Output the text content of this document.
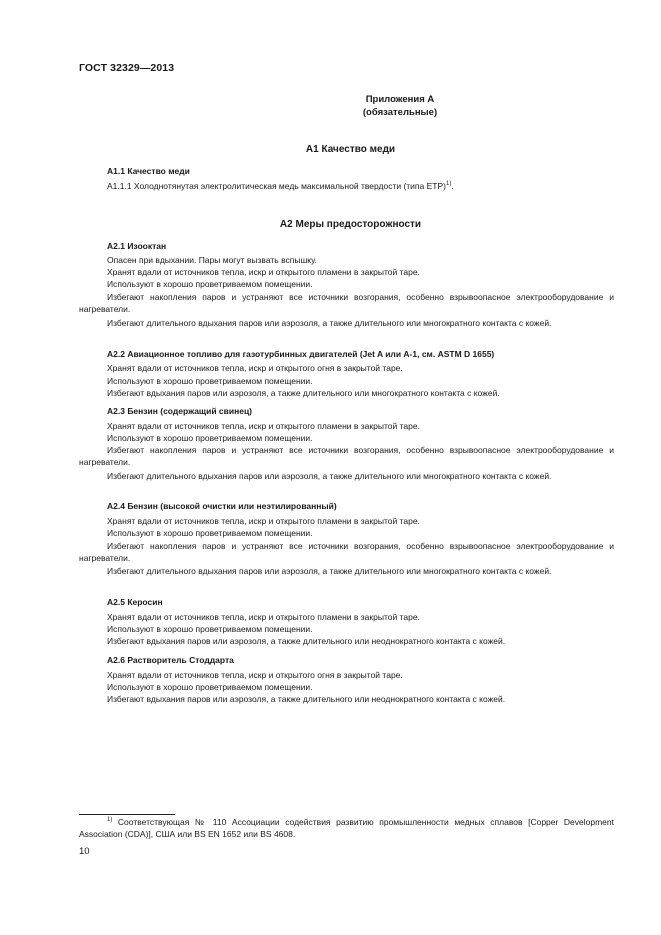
ГОСТ 32329—2013
Приложения А
(обязательные)
А1 Качество меди
А1.1 Качество меди
А1.1.1 Холоднотянутая электролитическая медь максимальной твердости (типа ЕТР)$^{1)}$.
А2 Меры предосторожности
А2.1 Изооктан
Опасен при вдыхании. Пары могут вызвать вспышку.
Хранят вдали от источников тепла, искр и открытого пламени в закрытой таре.
Используют в хорошо проветриваемом помещении.
Избегают накопления паров и устраняют все источники возгорания, особенно взрывоопасное электрооборудование и нагреватели.
Избегают длительного вдыхания паров или аэрозоля, а также длительного или многократного контакта с кожей.
А2.2 Авиационное топливо для газотурбинных двигателей (Jet A или А-1, см. ASTM D 1655)
Хранят вдали от источников тепла, искр и открытого огня в закрытой таре.
Используют в хорошо проветриваемом помещении.
Избегают вдыхания паров или аэрозоля, а также длительного или многократного контакта с кожей.
А2.3 Бензин (содержащий свинец)
Хранят вдали от источников тепла, искр и открытого пламени в закрытой таре.
Используют в хорошо проветриваемом помещении.
Избегают накопления паров и устраняют все источники возгорания, особенно взрывоопасное электрооборудование и нагреватели.
Избегают длительного вдыхания паров или аэрозоля, а также длительного или многократного контакта с кожей.
А2.4 Бензин (высокой очистки или неэтилированный)
Хранят вдали от источников тепла, искр и открытого пламени в закрытой таре.
Используют в хорошо проветриваемом помещении.
Избегают накопления паров и устраняют все источники возгорания, особенно взрывоопасное электрооборудование и нагреватели.
Избегают длительного вдыхания паров или аэрозоля, а также длительного или многократного контакта с кожей.
А2.5 Керосин
Хранят вдали от источников тепла, искр и открытого пламени в закрытой таре.
Используют в хорошо проветриваемом помещении.
Избегают вдыхания паров или аэрозоля, а также длительного или неоднократного контакта с кожей.
А2.6 Растворитель Стоддарта
Хранят вдали от источников тепла, искр и открытого огня в закрытой таре.
Используют в хорошо проветриваемом помещении.
Избегают вдыхания паров или аэрозоля, а также длительного или неоднократного контакта с кожей.
$^{1)}$ Соответствующая № 110 Ассоциации содействия развитию промышленности медных сплавов [Copper Development Association (CDA)], США или BS EN 1652 или BS 4608.
10
